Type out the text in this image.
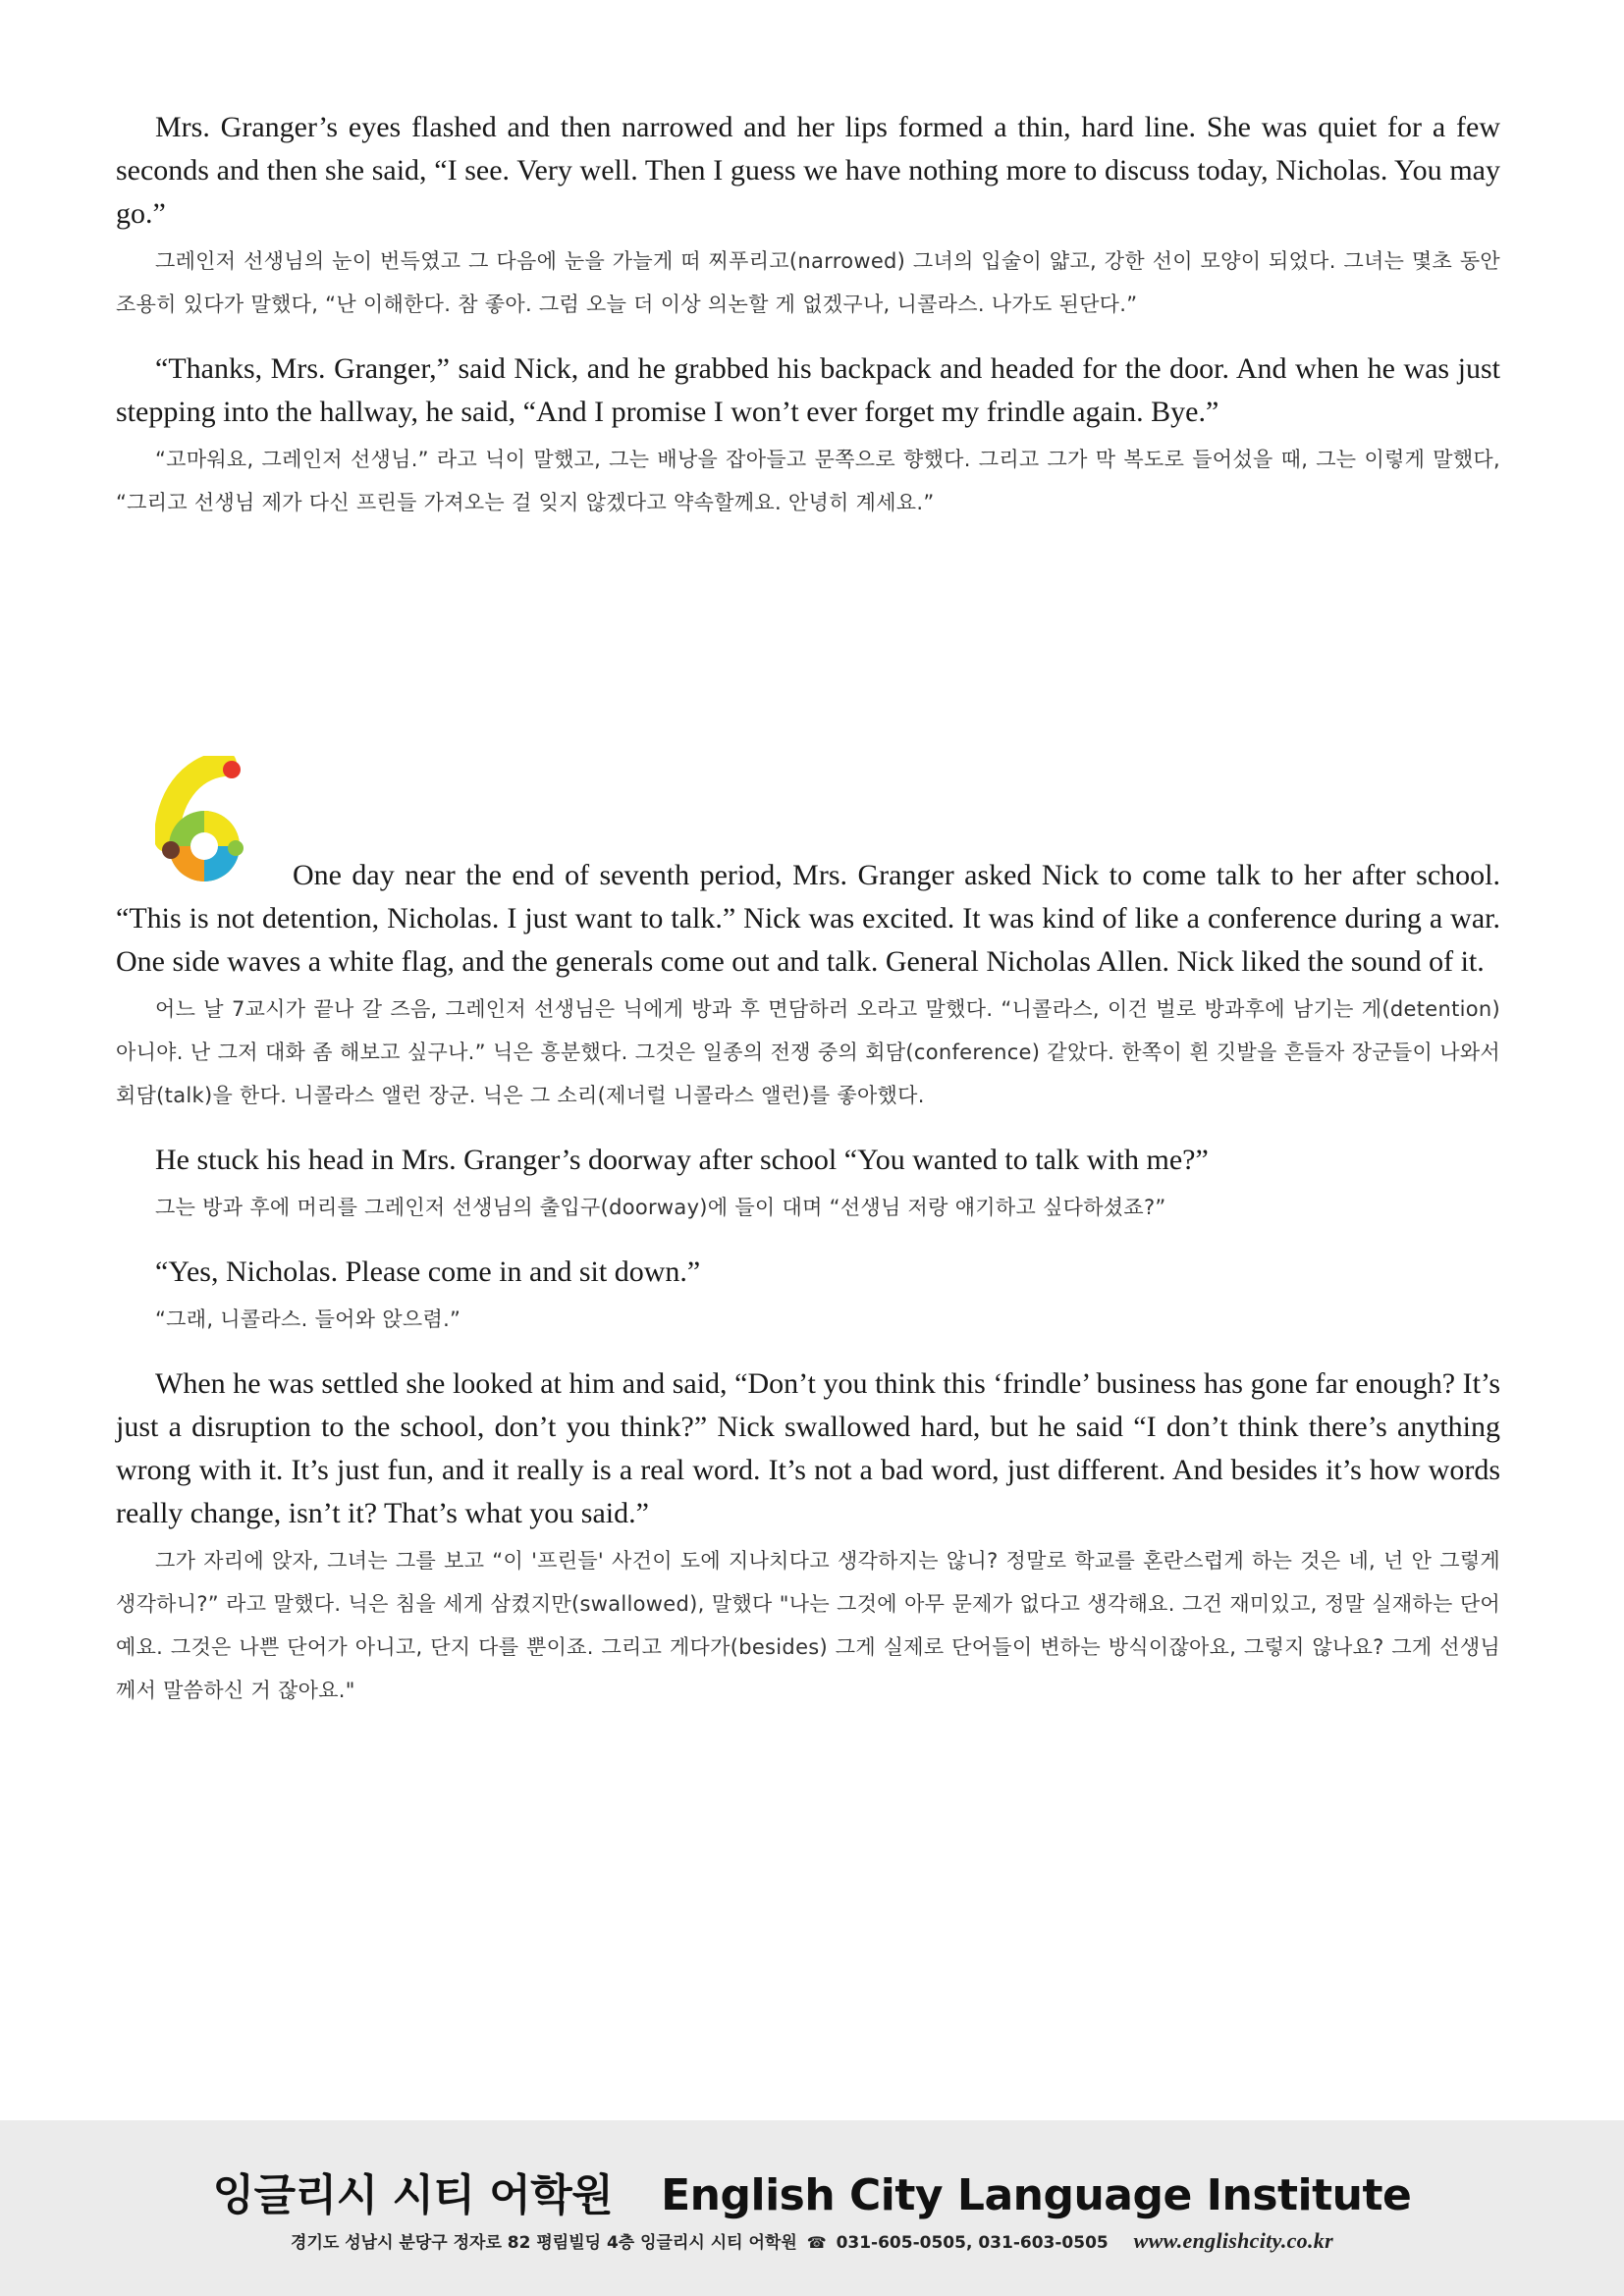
Mrs. Granger’s eyes flashed and then narrowed and her lips formed a thin, hard line. She was quiet for a few seconds and then she said, “I see. Very well. Then I guess we have nothing more to discuss today, Nicholas. You may go.”

그레인저 선생님의 눈이 번득였고 그 다음에 눈을 가늘게 떠 찌푸리고(narrowed) 그녀의 입술이 얇고, 강한 선이 모양이 되었다. 그녀는 몇초 동안 조용히 있다가 말했다, “난 이해한다. 참 좋아. 그럼 오늘 더 이상 의논할 게 없겠구나, 니콜라스. 나가도 된단다.”

“Thanks, Mrs. Granger,” said Nick, and he grabbed his backpack and headed for the door. And when he was just stepping into the hallway, he said, “And I promise I won’t ever forget my frindle again. Bye.”

“고마워요, 그레인저 선생님.” 라고 닉이 말했고, 그는 배낭을 잡아들고 문쪽으로 향했다. 그리고 그가 막 복도로 들어섰을 때, 그는 이렇게 말했다, “그리고 선생님 제가 다신 프린들 가져오는 걸 잊지 않겠다고 약속할께요. 안녕히 계세요.”

One day near the end of seventh period, Mrs. Granger asked Nick to come talk to her after school. “This is not detention, Nicholas. I just want to talk.” Nick was excited. It was kind of like a conference during a war. One side waves a white flag, and the generals come out and talk. General Nicholas Allen. Nick liked the sound of it.

어느 날 7교시가 끝나 갈 즈음, 그레인저 선생님은 닉에게 방과 후 면담하러 오라고 말했다. “니콜라스, 이건 벌로 방과후에 남기는 게(detention) 아니야. 난 그저 대화 좀 해보고 싶구나.” 닉은 흥분했다. 그것은 일종의 전쟁 중의 회담(conference) 같았다. 한쪽이 흰 깃발을 흔들자 장군들이 나와서 회담(talk)을 한다. 니콜라스 앨런 장군. 닉은 그 소리(제너럴 니콜라스 앨런)를 좋아했다.

He stuck his head in Mrs. Granger’s doorway after school “You wanted to talk with me?”

그는 방과 후에 머리를 그레인저 선생님의 출입구(doorway)에 들이 대며 “선생님 저랑 얘기하고 싶다하셨죠?”

“Yes, Nicholas. Please come in and sit down.”

“그래, 니콜라스. 들어와 앉으렴.”

When he was settled she looked at him and said, “Don’t you think this ‘frindle’ business has gone far enough? It’s just a disruption to the school, don’t you think?” Nick swallowed hard, but he said “I don’t think there’s anything wrong with it. It’s just fun, and it really is a real word. It’s not a bad word, just different. And besides it’s how words really change, isn’t it? That’s what you said.”

그가 자리에 앉자, 그녀는 그를 보고 “이 '프린들' 사건이 도에 지나치다고 생각하지는 않니? 정말로 학교를 혼란스럽게 하는 것은 네, 넌 안 그렇게 생각하니?” 라고 말했다. 닉은 침을 세게 삼켰지만(swallowed), 말했다 "나는 그것에 아무 문제가 없다고 생각해요. 그건 재미있고, 정말 실재하는 단어예요. 그것은 나쁜 단어가 아니고, 단지 다를 뿐이죠. 그리고 게다가(besides) 그게 실제로 단어들이 변하는 방식이잖아요, 그렇지 않나요? 그게 선생님께서 말씀하신 거 잖아요."

잉글리시 시티 어학원 English City Language Institute

경기도 성남시 분당구 정자로 82 평림빌딩 4층 잉글리시 시티 어학원 ☎ 031-605-0505, 031-603-0505 www.englishcity.co.kr
